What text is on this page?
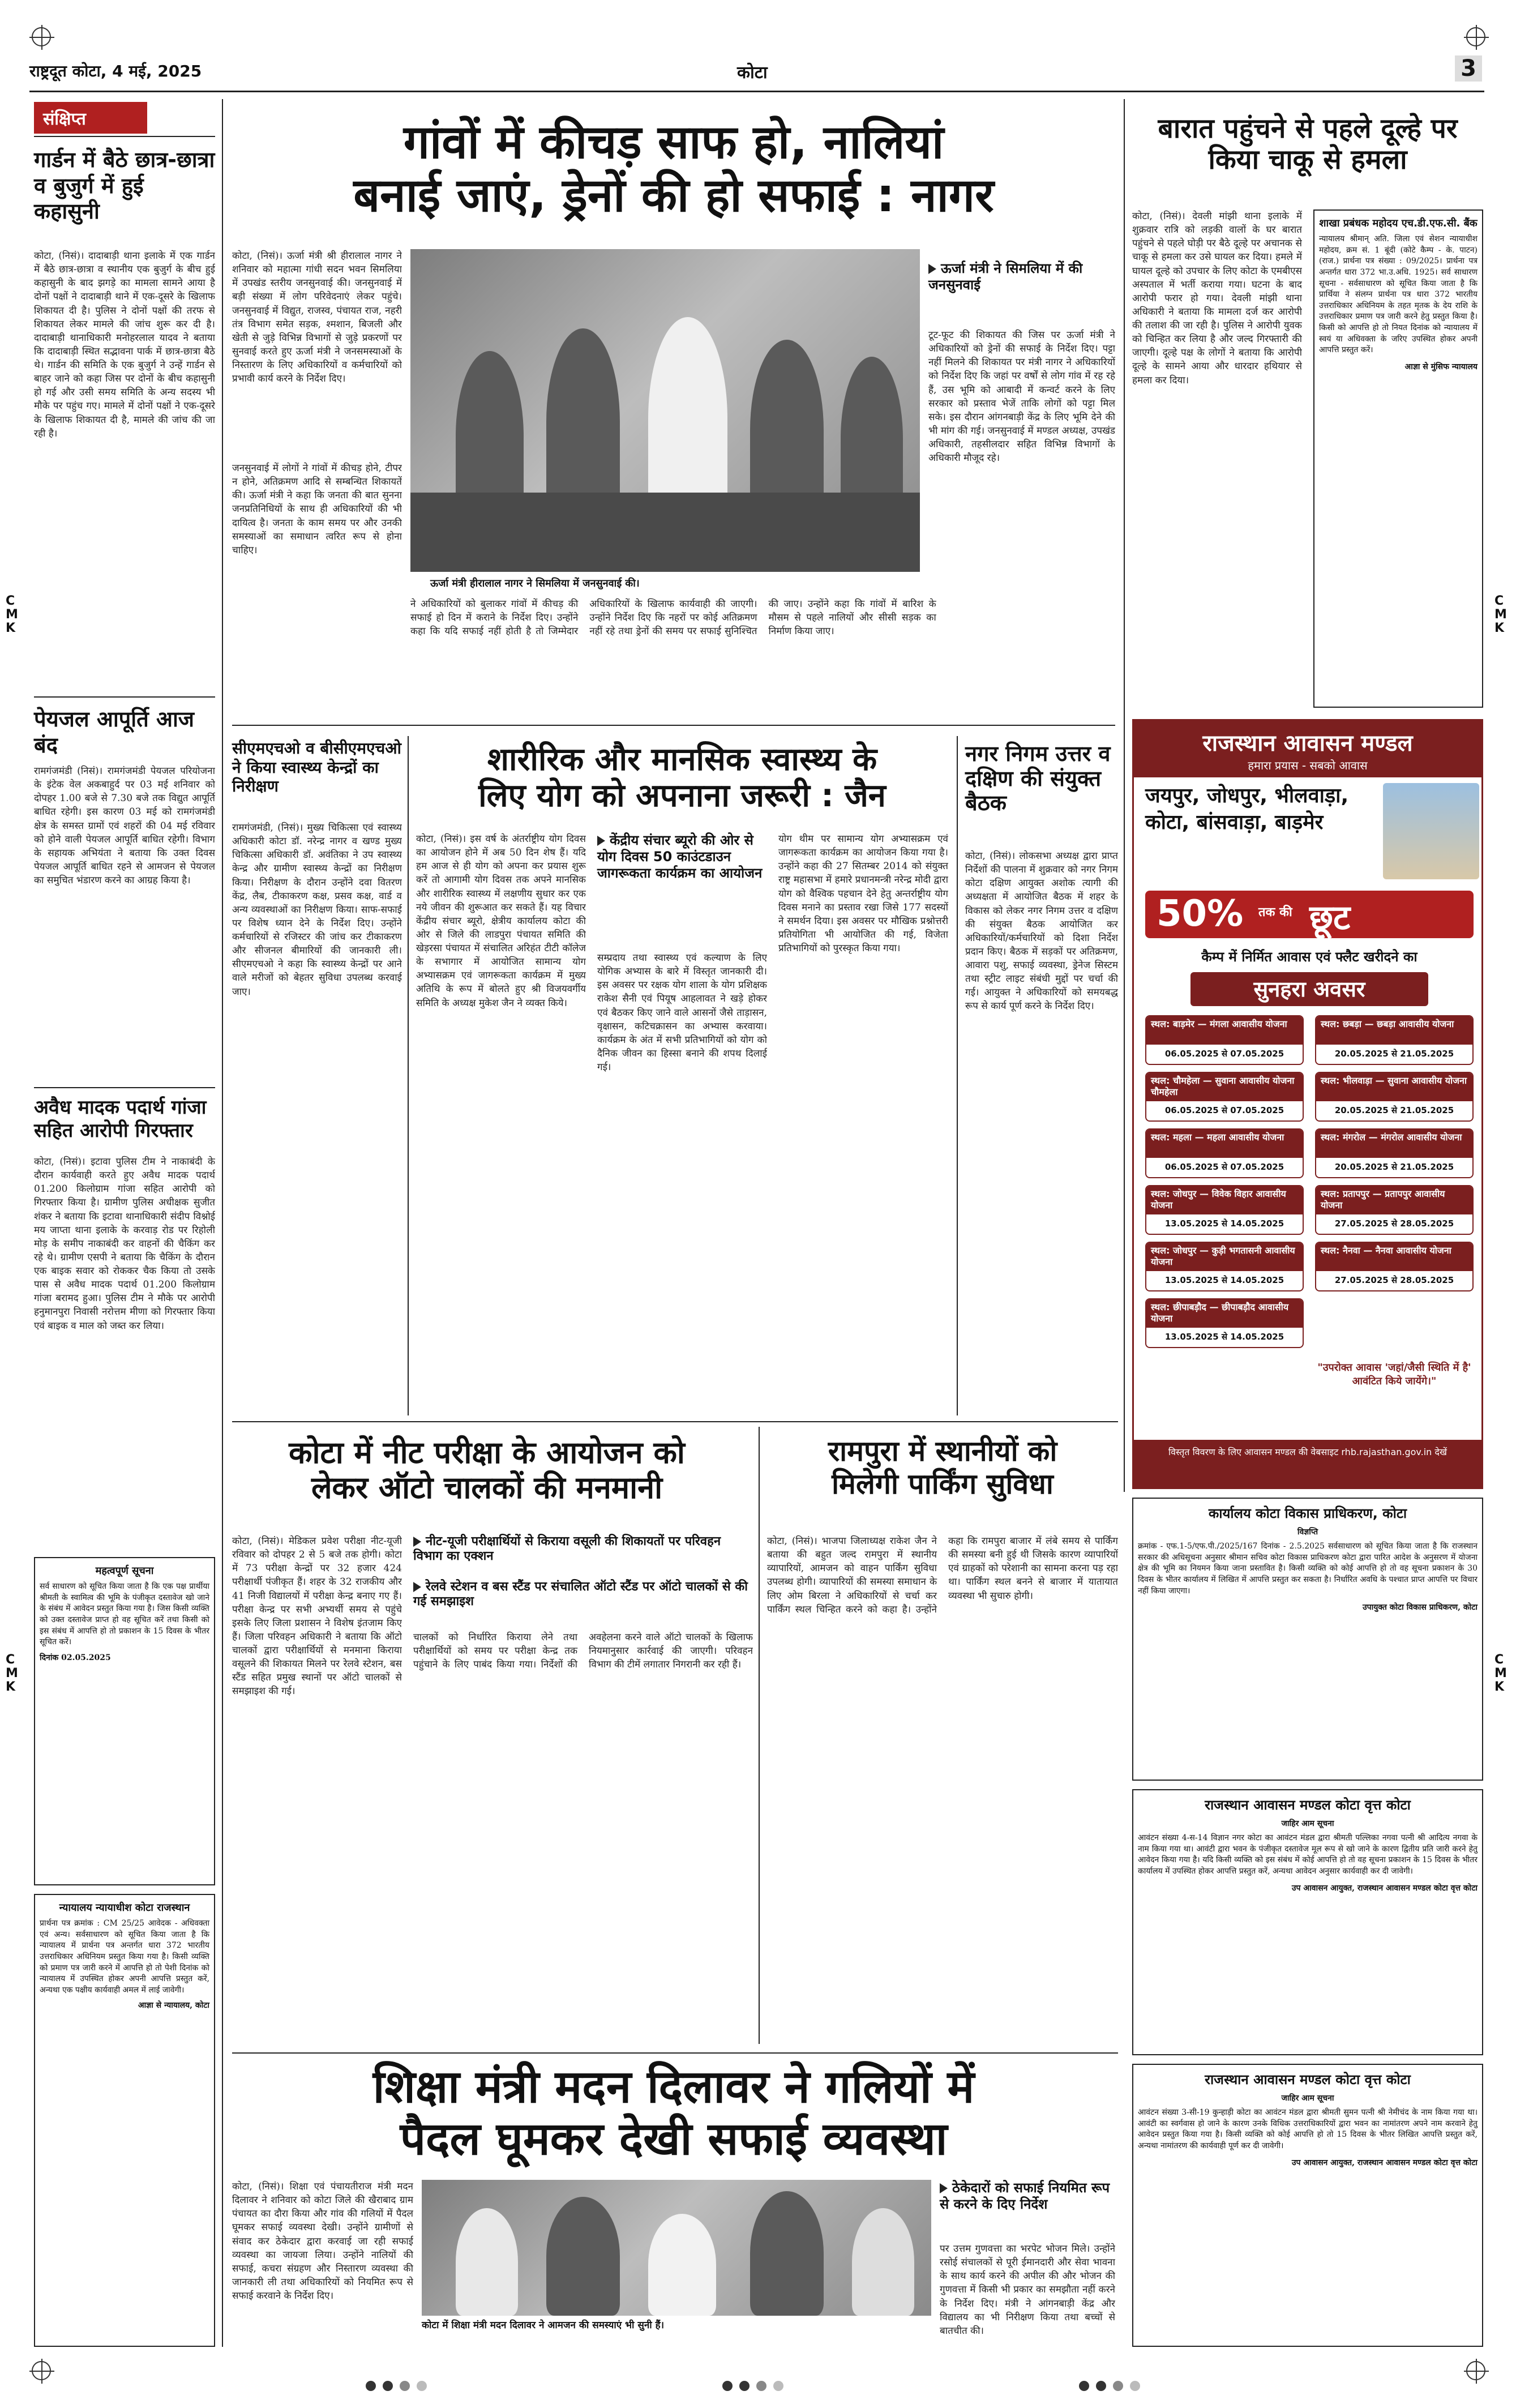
राष्ट्रदूत कोटा, 4 मई, 2025	कोटा	3
C
M
K
C
M
K
C
M
K
C
M
K
संक्षिप्त
गार्डन में बैठे छात्र-छात्रा व बुजुर्ग में हुई कहासुनी
कोटा, (निसं)। दादाबाड़ी थाना इलाके में एक गार्डन में बैठे छात्र-छात्रा व स्थानीय एक बुजुर्ग के बीच हुई कहासुनी के बाद झगड़े का मामला सामने आया है दोनों पक्षों ने दादाबाड़ी थाने में एक-दूसरे के खिलाफ शिकायत दी है। पुलिस ने दोनों पक्षों की तरफ से शिकायत लेकर मामले की जांच शुरू कर दी है। दादाबाड़ी थानाधिकारी मनोहरलाल यादव ने बताया कि दादाबाड़ी स्थित सद्भावना पार्क में छात्र-छात्रा बैठे थे। गार्डन की समिति के एक बुजुर्ग ने उन्हें गार्डन से बाहर जाने को कहा जिस पर दोनों के बीच कहासुनी हो गई और उसी समय समिति के अन्य सदस्य भी मौके पर पहुंच गए। मामले में दोनों पक्षों ने एक-दूसरे के खिलाफ शिकायत दी है, मामले की जांच की जा रही है।
पेयजल आपूर्ति आज बंद
रामगंजमंडी (निसं)। रामगंजमंडी पेयजल परियोजना के इंटेक वेल अकबाहुर्द पर 03 मई शनिवार को दोपहर 1.00 बजे से 7.30 बजे तक विद्युत आपूर्ति बाधित रहेगी। इस कारण 03 मई को रामगंजमंडी क्षेत्र के समस्त ग्रामों एवं शहरों की 04 मई रविवार को होने वाली पेयजल आपूर्ति बाधित रहेगी। विभाग के सहायक अभियंता ने बताया कि उक्त दिवस पेयजल आपूर्ति बाधित रहने से आमजन से पेयजल का समुचित भंडारण करने का आग्रह किया है।
अवैध मादक पदार्थ गांजा सहित आरोपी गिरफ्तार
कोटा, (निसं)। इटावा पुलिस टीम ने नाकाबंदी के दौरान कार्यवाही करते हुए अवैध मादक पदार्थ 01.200 किलोग्राम गांजा सहित आरोपी को गिरफ्तार किया है। ग्रामीण पुलिस अधीक्षक सुजीत शंकर ने बताया कि इटावा थानाधिकारी संदीप विश्नोई मय जाप्ता थाना इलाके के करवाड़ रोड पर रिहोली मोड़ के समीप नाकाबंदी कर वाहनों की चैकिंग कर रहे थे। ग्रामीण एसपी ने बताया कि चैकिंग के दौरान एक बाइक सवार को रोककर चैक किया तो उसके पास से अवैध मादक पदार्थ 01.200 किलोग्राम गांजा बरामद हुआ। पुलिस टीम ने मौके पर आरोपी हनुमानपुरा निवासी नरोत्तम मीणा को गिरफ्तार किया एवं बाइक व माल को जब्त कर लिया।
महत्वपूर्ण सूचना
सर्व साधारण को सूचित किया जाता है कि एक पक्ष प्रार्थीया श्रीमती के स्वामित्व की भूमि के पंजीकृत दस्तावेज खो जाने के संबंध में आवेदन प्रस्तुत किया गया है। जिस किसी व्यक्ति को उक्त दस्तावेज प्राप्त हो वह सूचित करें तथा किसी को इस संबंध में आपत्ति हो तो प्रकाशन के 15 दिवस के भीतर सूचित करें।
दिनांक 02.05.2025
न्यायालय न्यायाधीश कोटा राजस्थान
प्रार्थना पत्र क्रमांक : CM 25/25 आवेदक - अधिवक्ता एवं अन्य। सर्वसाधारण को सूचित किया जाता है कि न्यायालय में प्रार्थना पत्र अन्तर्गत धारा 372 भारतीय उत्तराधिकार अधिनियम प्रस्तुत किया गया है। किसी व्यक्ति को प्रमाण पत्र जारी करने में आपत्ति हो तो पेशी दिनांक को न्यायालय में उपस्थित होकर अपनी आपत्ति प्रस्तुत करें, अन्यथा एक पक्षीय कार्यवाही अमल में लाई जावेगी।
आज्ञा से न्यायालय, कोटा
गांवों में कीचड़ साफ हो, नालियां
बनाई जाएं, ड्रेनों की हो सफाई : नागर
कोटा, (निसं)। ऊर्जा मंत्री श्री हीरालाल नागर ने शनिवार को महात्मा गांधी सदन भवन सिमलिया में उपखंड स्तरीय जनसुनवाई की। जनसुनवाई में बड़ी संख्या में लोग परिवेदनाएं लेकर पहुंचे। जनसुनवाई में विद्युत, राजस्व, पंचायत राज, नहरी तंत्र विभाग समेत सड़क, श्मशान, बिजली और खेती से जुड़े विभिन्न विभागों से जुड़े प्रकरणों पर सुनवाई करते हुए ऊर्जा मंत्री ने जनसमस्याओं के निस्तारण के लिए अधिकारियों व कर्मचारियों को प्रभावी कार्य करने के निर्देश दिए।
जनसुनवाई में लोगों ने गांवों में कीचड़ होने, टीपर न होने, अतिक्रमण आदि से सम्बन्धित शिकायतें की। ऊर्जा मंत्री ने कहा कि जनता की बात सुनना जनप्रतिनिधियों के साथ ही अधिकारियों की भी दायित्व है। जनता के काम समय पर और उनकी समस्याओं का समाधान त्वरित रूप से होना चाहिए।
ऊर्जा मंत्री हीरालाल नागर ने सिमलिया में जनसुनवाई की।
ऊर्जा मंत्री ने सिमलिया में की जनसुनवाई
टूट-फूट की शिकायत की जिस पर ऊर्जा मंत्री ने अधिकारियों को ड्रेनों की सफाई के निर्देश दिए। पट्टा नहीं मिलने की शिकायत पर मंत्री नागर ने अधिकारियों को निर्देश दिए कि जहां पर वर्षों से लोग गांव में रह रहे हैं, उस भूमि को आबादी में कन्वर्ट करने के लिए सरकार को प्रस्ताव भेजें ताकि लोगों को पट्टा मिल सके। इस दौरान आंगनबाड़ी केंद्र के लिए भूमि देने की भी मांग की गई। जनसुनवाई में मण्डल अध्यक्ष, उपखंड अधिकारी, तहसीलदार सहित विभिन्न विभागों के अधिकारी मौजूद रहे।
ने अधिकारियों को बुलाकर गांवों में कीचड़ की सफाई हो दिन में कराने के निर्देश दिए। उन्होंने कहा कि यदि सफाई नहीं होती है तो जिम्मेदार अधिकारियों के खिलाफ कार्यवाही की जाएगी। उन्होंने निर्देश दिए कि नहरों पर कोई अतिक्रमण नहीं रहे तथा ड्रेनों की समय पर सफाई सुनिश्चित की जाए। उन्होंने कहा कि गांवों में बारिश के मौसम से पहले नालियों और सीसी सड़क का निर्माण किया जाए।
बारात पहुंचने से पहले दूल्हे पर किया चाकू से हमला
कोटा, (निसं)। देवली मांझी थाना इलाके में शुक्रवार रात्रि को लड़की वालों के घर बारात पहुंचने से पहले घोड़ी पर बैठे दूल्हे पर अचानक से चाकू से हमला कर उसे घायल कर दिया। हमले में घायल दूल्हे को उपचार के लिए कोटा के एमबीएस अस्पताल में भर्ती कराया गया। घटना के बाद आरोपी फरार हो गया। देवली मांझी थाना अधिकारी ने बताया कि मामला दर्ज कर आरोपी की तलाश की जा रही है। पुलिस ने आरोपी युवक को चिन्हित कर लिया है और जल्द गिरफ्तारी की जाएगी। दूल्हे पक्ष के लोगों ने बताया कि आरोपी दूल्हे के सामने आया और धारदार हथियार से हमला कर दिया।
शाखा प्रबंधक महोदय एच.डी.एफ.सी. बैंक
न्यायालय श्रीमान् अति. जिला एवं सेशन न्यायाधीश महोदय, क्रम सं. 1 बूंदी (कोटे कैम्प - के. पाटन) (राज.) प्रार्थना पत्र संख्या : 09/2025। प्रार्थना पत्र अन्तर्गत धारा 372 भा.उ.अधि. 1925। सर्व साधारण सूचना - सर्वसाधारण को सूचित किया जाता है कि प्रार्थिया ने संलग्न प्रार्थना पत्र धारा 372 भारतीय उत्तराधिकार अधिनियम के तहत मृतक के देय राशि के उत्तराधिकार प्रमाण पत्र जारी करने हेतु प्रस्तुत किया है। किसी को आपत्ति हो तो नियत दिनांक को न्यायालय में स्वयं या अधिवक्ता के जरिए उपस्थित होकर अपनी आपत्ति प्रस्तुत करें।
आज्ञा से मुंसिफ न्यायालय
सीएमएचओ व बीसीएमएचओ ने किया स्वास्थ्य केन्द्रों का निरीक्षण
रामगंजमंडी, (निसं)। मुख्य चिकित्सा एवं स्वास्थ्य अधिकारी कोटा डॉ. नरेन्द्र नागर व खण्ड मुख्य चिकित्सा अधिकारी डॉ. अवंतिका ने उप स्वास्थ्य केन्द्र और ग्रामीण स्वास्थ्य केन्द्रों का निरीक्षण किया। निरीक्षण के दौरान उन्होंने दवा वितरण केंद्र, लैब, टीकाकरण कक्ष, प्रसव कक्ष, वार्ड व अन्य व्यवस्थाओं का निरीक्षण किया। साफ-सफाई पर विशेष ध्यान देने के निर्देश दिए। उन्होंने कर्मचारियों से रजिस्टर की जांच कर टीकाकरण और सीजनल बीमारियों की जानकारी ली। सीएमएचओ ने कहा कि स्वास्थ्य केन्द्रों पर आने वाले मरीजों को बेहतर सुविधा उपलब्ध करवाई जाए।
शारीरिक और मानसिक स्वास्थ्य के
लिए योग को अपनाना जरूरी : जैन
कोटा, (निसं)। इस वर्ष के अंतर्राष्ट्रीय योग दिवस का आयोजन होने में अब 50 दिन शेष हैं। यदि हम आज से ही योग को अपना कर प्रयास शुरू करें तो आगामी योग दिवस तक अपने मानसिक और शारीरिक स्वास्थ्य में लक्षणीय सुधार कर एक नये जीवन की शुरूआत कर सकते हैं। यह विचार केंद्रीय संचार ब्यूरो, क्षेत्रीय कार्यालय कोटा की ओर से जिले की लाडपुरा पंचायत समिति की खेड़रसा पंचायत में संचालित अरिहंत टीटी कॉलेज के सभागार में आयोजित सामान्य योग अभ्यासक्रम एवं जागरूकता कार्यक्रम में मुख्य अतिथि के रूप में बोलते हुए श्री विजयवर्गीय समिति के अध्यक्ष मुकेश जैन ने व्यक्त किये।
केंद्रीय संचार ब्यूरो की ओर से योग दिवस 50 काउंटडाउन जागरूकता कार्यक्रम का आयोजन
सम्प्रदाय तथा स्वास्थ्य एवं कल्याण के लिए योगिक अभ्यास के बारे में विस्तृत जानकारी दी। इस अवसर पर रक्षक योग शाला के योग प्रशिक्षक राकेश सैनी एवं पियूष आहलावत ने खड़े होकर एवं बैठकर किए जाने वाले आसनों जैसे ताड़ासन, वृक्षासन, कटिचक्रासन का अभ्यास करवाया। कार्यक्रम के अंत में सभी प्रतिभागियों को योग को दैनिक जीवन का हिस्सा बनाने की शपथ दिलाई गई।
योग थीम पर सामान्य योग अभ्यासक्रम एवं जागरूकता कार्यक्रम का आयोजन किया गया है। उन्होंने कहा की 27 सितम्बर 2014 को संयुक्त राष्ट्र महासभा में हमारे प्रधानमन्त्री नरेन्द्र मोदी द्वारा योग को वैश्विक पहचान देने हेतु अन्तर्राष्ट्रीय योग दिवस मनाने का प्रस्ताव रखा जिसे 177 सदस्यों ने समर्थन दिया। इस अवसर पर मौखिक प्रश्नोत्तरी प्रतियोगिता भी आयोजित की गई, विजेता प्रतिभागियों को पुरस्कृत किया गया।
नगर निगम उत्तर व दक्षिण की संयुक्त बैठक
कोटा, (निसं)। लोकसभा अध्यक्ष द्वारा प्राप्त निर्देशों की पालना में शुक्रवार को नगर निगम कोटा दक्षिण आयुक्त अशोक त्यागी की अध्यक्षता में आयोजित बैठक में शहर के विकास को लेकर नगर निगम उत्तर व दक्षिण की संयुक्त बैठक आयोजित कर अधिकारियों/कर्मचारियों को दिशा निर्देश प्रदान किए। बैठक में सड़कों पर अतिक्रमण, आवारा पशु, सफाई व्यवस्था, ड्रेनेज सिस्टम तथा स्ट्रीट लाइट संबंधी मुद्दों पर चर्चा की गई। आयुक्त ने अधिकारियों को समयबद्ध रूप से कार्य पूर्ण करने के निर्देश दिए।
राजस्थान आवासन मण्डल
हमारा प्रयास - सबको आवास
जयपुर, जोधपुर, भीलवाड़ा, कोटा, बांसवाड़ा, बाड़मेर
50% तक की छूट
कैम्प में निर्मित आवास एवं फ्लैट खरीदने का
सुनहरा अवसर
स्थल: बाड़मेर — मंगला आवासीय योजना
06.05.2025 से 07.05.2025
स्थल: छबड़ा — छबड़ा आवासीय योजना
20.05.2025 से 21.05.2025
स्थल: चौमहेला — सुवाना आवासीय योजना चौमहेला
06.05.2025 से 07.05.2025
स्थल: भीलवाड़ा — सुवाना आवासीय योजना
20.05.2025 से 21.05.2025
स्थल: महला — महला आवासीय योजना
06.05.2025 से 07.05.2025
स्थल: मंगरोल — मंगरोल आवासीय योजना
20.05.2025 से 21.05.2025
स्थल: जोधपुर — विवेक विहार आवासीय योजना
13.05.2025 से 14.05.2025
स्थल: प्रतापपुर — प्रतापपुर आवासीय योजना
27.05.2025 से 28.05.2025
स्थल: जोधपुर — कुड़ी भगतासनी आवासीय योजना
13.05.2025 से 14.05.2025
स्थल: नैनवा — नैनवा आवासीय योजना
27.05.2025 से 28.05.2025
स्थल: छीपाबड़ौद — छीपाबड़ौद आवासीय योजना
13.05.2025 से 14.05.2025
"उपरोक्त आवास 'जहां/जैसी स्थिति में है' आवंटित किये जायेंगे।"
विस्तृत विवरण के लिए आवासन मण्डल की वेबसाइट rhb.rajasthan.gov.in देखें
कोटा में नीट परीक्षा के आयोजन को
लेकर ऑटो चालकों की मनमानी
कोटा, (निसं)। मेडिकल प्रवेश परीक्षा नीट-यूजी रविवार को दोपहर 2 से 5 बजे तक होगी। कोटा में 73 परीक्षा केन्द्रों पर 32 हजार 424 परीक्षार्थी पंजीकृत हैं। शहर के 32 राजकीय और 41 निजी विद्यालयों में परीक्षा केन्द्र बनाए गए हैं। परीक्षा केन्द्र पर सभी अभ्यर्थी समय से पहुंचे इसके लिए जिला प्रशासन ने विशेष इंतजाम किए हैं। जिला परिवहन अधिकारी ने बताया कि ऑटो चालकों द्वारा परीक्षार्थियों से मनमाना किराया वसूलने की शिकायत मिलने पर रेलवे स्टेशन, बस स्टैंड सहित प्रमुख स्थानों पर ऑटो चालकों से समझाइश की गई।
नीट-यूजी परीक्षार्थियों से किराया वसूली की शिकायतों पर परिवहन विभाग का एक्शन
रेलवे स्टेशन व बस स्टैंड पर संचालित ऑटो स्टैंड पर ऑटो चालकों से की गई समझाइश
चालकों को निर्धारित किराया लेने तथा परीक्षार्थियों को समय पर परीक्षा केन्द्र तक पहुंचाने के लिए पाबंद किया गया। निर्देशों की अवहेलना करने वाले ऑटो चालकों के खिलाफ नियमानुसार कार्रवाई की जाएगी। परिवहन विभाग की टीमें लगातार निगरानी कर रही हैं।
रामपुरा में स्थानीयों को
मिलेगी पार्किंग सुविधा
कोटा, (निसं)। भाजपा जिलाध्यक्ष राकेश जैन ने बताया की बहुत जल्द रामपुरा में स्थानीय व्यापारियों, आमजन को वाहन पार्किंग सुविधा उपलब्ध होगी। व्यापारियों की समस्या समाधान के लिए ओम बिरला ने अधिकारियों से चर्चा कर पार्किंग स्थल चिन्हित करने को कहा है। उन्होंने कहा कि रामपुरा बाजार में लंबे समय से पार्किंग की समस्या बनी हुई थी जिसके कारण व्यापारियों एवं ग्राहकों को परेशानी का सामना करना पड़ रहा था। पार्किंग स्थल बनने से बाजार में यातायात व्यवस्था भी सुचारु होगी।
कार्यालय कोटा विकास प्राधिकरण, कोटा
विज्ञप्ति
क्रमांक - एफ.1-5/एफ.पी./2025/167 दिनांक - 2.5.2025 सर्वसाधारण को सूचित किया जाता है कि राजस्थान सरकार की अधिसूचना अनुसार श्रीमान सचिव कोटा विकास प्राधिकरण कोटा द्वारा पारित आदेश के अनुसरण में योजना क्षेत्र की भूमि का नियमन किया जाना प्रस्तावित है। किसी व्यक्ति को कोई आपत्ति हो तो वह सूचना प्रकाशन के 30 दिवस के भीतर कार्यालय में लिखित में आपत्ति प्रस्तुत कर सकता है। निर्धारित अवधि के पश्चात प्राप्त आपत्ति पर विचार नहीं किया जाएगा।
उपायुक्त कोटा विकास प्राधिकरण, कोटा
राजस्थान आवासन मण्डल कोटा वृत्त कोटा
जाहिर आम सूचना
आवंटन संख्या 4-स-14 विज्ञान नगर कोटा का आवंटन मंडल द्वारा श्रीमती पल्लिका नगवा पत्नी श्री आदित्य नगवा के नाम किया गया था। आवंटी द्वारा भवन के पंजीकृत दस्तावेज मूल रूप से खो जाने के कारण द्वितीय प्रति जारी करने हेतु आवेदन किया गया है। यदि किसी व्यक्ति को इस संबंध में कोई आपत्ति हो तो वह सूचना प्रकाशन के 15 दिवस के भीतर कार्यालय में उपस्थित होकर आपत्ति प्रस्तुत करें, अन्यथा आवेदन अनुसार कार्यवाही कर दी जावेगी।
उप आवासन आयुक्त, राजस्थान आवासन मण्डल कोटा वृत्त कोटा
राजस्थान आवासन मण्डल कोटा वृत्त कोटा
जाहिर आम सूचना
आवंटन संख्या 3-सी-19 कुन्हाड़ी कोटा का आवंटन मंडल द्वारा श्रीमती सुमन पत्नी श्री नेमीचंद के नाम किया गया था। आवंटी का स्वर्गवास हो जाने के कारण उनके विधिक उत्तराधिकारियों द्वारा भवन का नामांतरण अपने नाम करवाने हेतु आवेदन प्रस्तुत किया गया है। किसी व्यक्ति को कोई आपत्ति हो तो 15 दिवस के भीतर लिखित आपत्ति प्रस्तुत करें, अन्यथा नामांतरण की कार्यवाही पूर्ण कर दी जावेगी।
उप आवासन आयुक्त, राजस्थान आवासन मण्डल कोटा वृत्त कोटा
शिक्षा मंत्री मदन दिलावर ने गलियों में
पैदल घूमकर देखी सफाई व्यवस्था
कोटा, (निसं)। शिक्षा एवं पंचायतीराज मंत्री मदन दिलावर ने शनिवार को कोटा जिले की खैराबाद ग्राम पंचायत का दौरा किया और गांव की गलियों में पैदल घूमकर सफाई व्यवस्था देखी। उन्होंने ग्रामीणों से संवाद कर ठेकेदार द्वारा करवाई जा रही सफाई व्यवस्था का जायजा लिया। उन्होंने नालियों की सफाई, कचरा संग्रहण और निस्तारण व्यवस्था की जानकारी ली तथा अधिकारियों को नियमित रूप से सफाई करवाने के निर्देश दिए।
कोटा में शिक्षा मंत्री मदन दिलावर ने आमजन की समस्याएं भी सुनी हैं।
ठेकेदारों को सफाई नियमित रूप से करने के दिए निर्देश
पर उत्तम गुणवत्ता का भरपेट भोजन मिले। उन्होंने रसोई संचालकों से पूरी ईमानदारी और सेवा भावना के साथ कार्य करने की अपील की और भोजन की गुणवत्ता में किसी भी प्रकार का समझौता नहीं करने के निर्देश दिए। मंत्री ने आंगनबाड़ी केंद्र और विद्यालय का भी निरीक्षण किया तथा बच्चों से बातचीत की।
